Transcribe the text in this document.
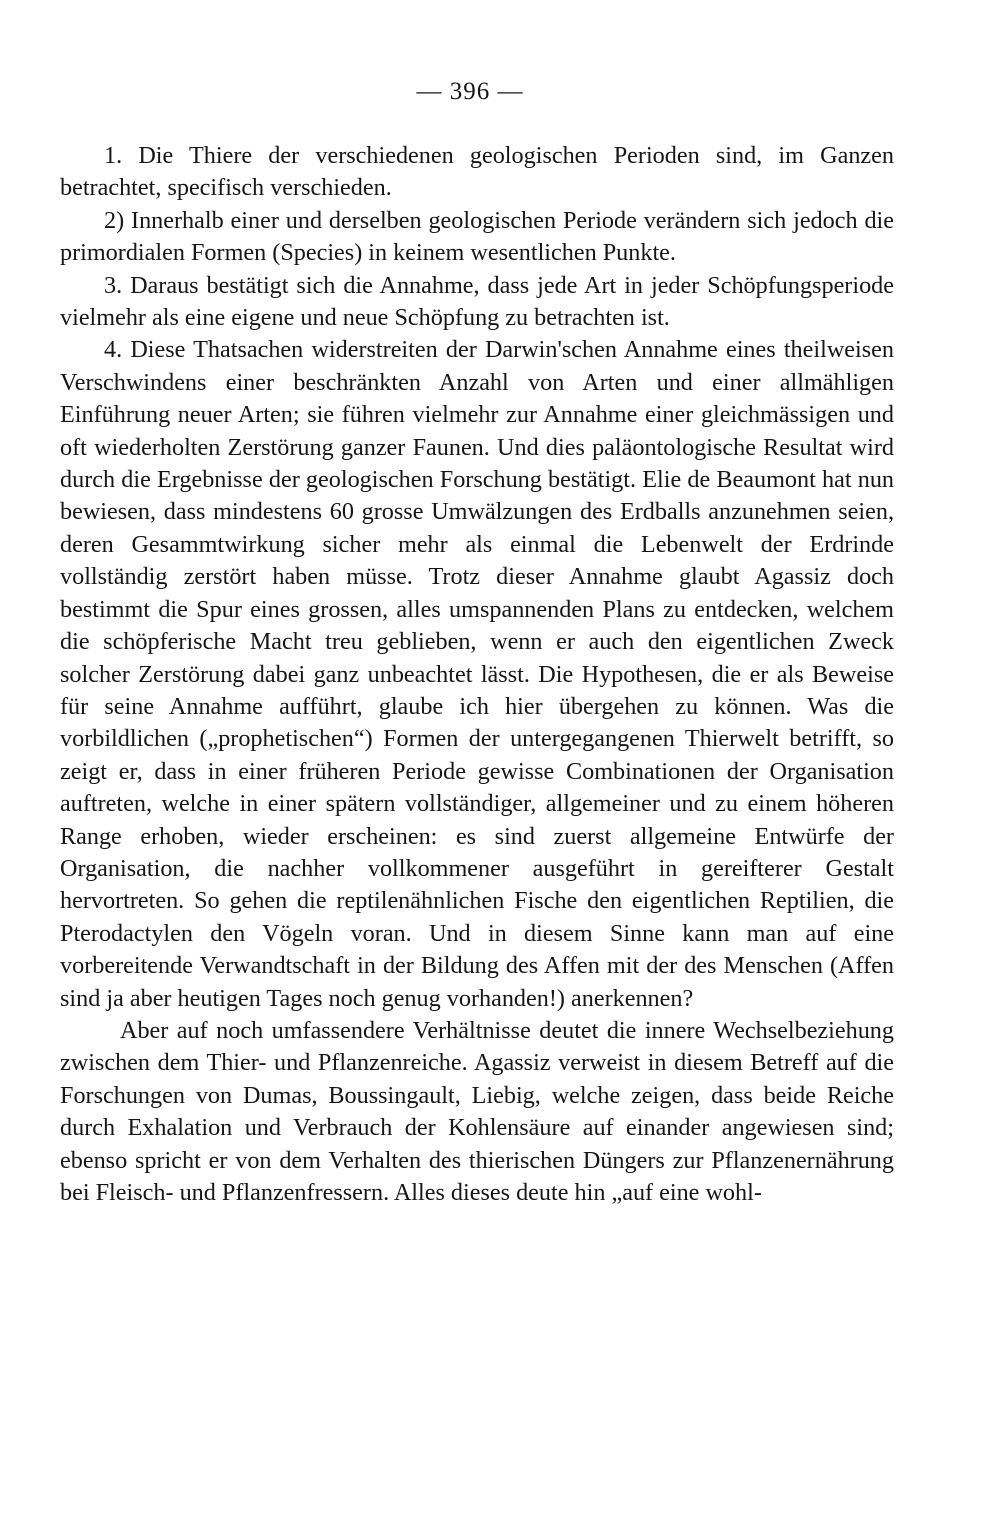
— 396 —

1. Die Thiere der verschiedenen geologischen Perioden sind, im Ganzen betrachtet, specifisch verschieden.

2) Innerhalb einer und derselben geologischen Periode verändern sich jedoch die primordialen Formen (Species) in keinem wesentlichen Punkte.

3. Daraus bestätigt sich die Annahme, dass jede Art in jeder Schöpfungsperiode vielmehr als eine eigene und neue Schöpfung zu betrachten ist.

4. Diese Thatsachen widerstreiten der Darwin'schen Annahme eines theilweisen Verschwindens einer beschränkten Anzahl von Arten und einer allmähligen Einführung neuer Arten; sie führen vielmehr zur Annahme einer gleichmässigen und oft wiederholten Zerstörung ganzer Faunen. Und dies paläontologische Resultat wird durch die Ergebnisse der geologischen Forschung bestätigt. Elie de Beaumont hat nun bewiesen, dass mindestens 60 grosse Umwälzungen des Erdballs anzunehmen seien, deren Gesammtwirkung sicher mehr als einmal die Lebenwelt der Erdrinde vollständig zerstört haben müsse. Trotz dieser Annahme glaubt Agassiz doch bestimmt die Spur eines grossen, alles umspannenden Plans zu entdecken, welchem die schöpferische Macht treu geblieben, wenn er auch den eigentlichen Zweck solcher Zerstörung dabei ganz unbeachtet lässt. Die Hypothesen, die er als Beweise für seine Annahme aufführt, glaube ich hier übergehen zu können. Was die vorbildlichen („prophetischen“) Formen der untergegangenen Thierwelt betrifft, so zeigt er, dass in einer früheren Periode gewisse Combinationen der Organisation auftreten, welche in einer spätern vollständiger, allgemeiner und zu einem höheren Range erhoben, wieder erscheinen: es sind zuerst allgemeine Entwürfe der Organisation, die nachher vollkommener ausgeführt in gereifterer Gestalt hervortreten. So gehen die reptilenähnlichen Fische den eigentlichen Reptilien, die Pterodactylen den Vögeln voran. Und in diesem Sinne kann man auf eine vorbereitende Verwandtschaft in der Bildung des Affen mit der des Menschen (Affen sind ja aber heutigen Tages noch genug vorhanden!) anerkennen?

Aber auf noch umfassendere Verhältnisse deutet die innere Wechselbeziehung zwischen dem Thier- und Pflanzenreiche. Agassiz verweist in diesem Betreff auf die Forschungen von Dumas, Boussingault, Liebig, welche zeigen, dass beide Reiche durch Exhalation und Verbrauch der Kohlensäure auf einander angewiesen sind; ebenso spricht er von dem Verhalten des thierischen Düngers zur Pflanzenernährung bei Fleisch- und Pflanzenfressern. Alles dieses deute hin „auf eine wohl-
